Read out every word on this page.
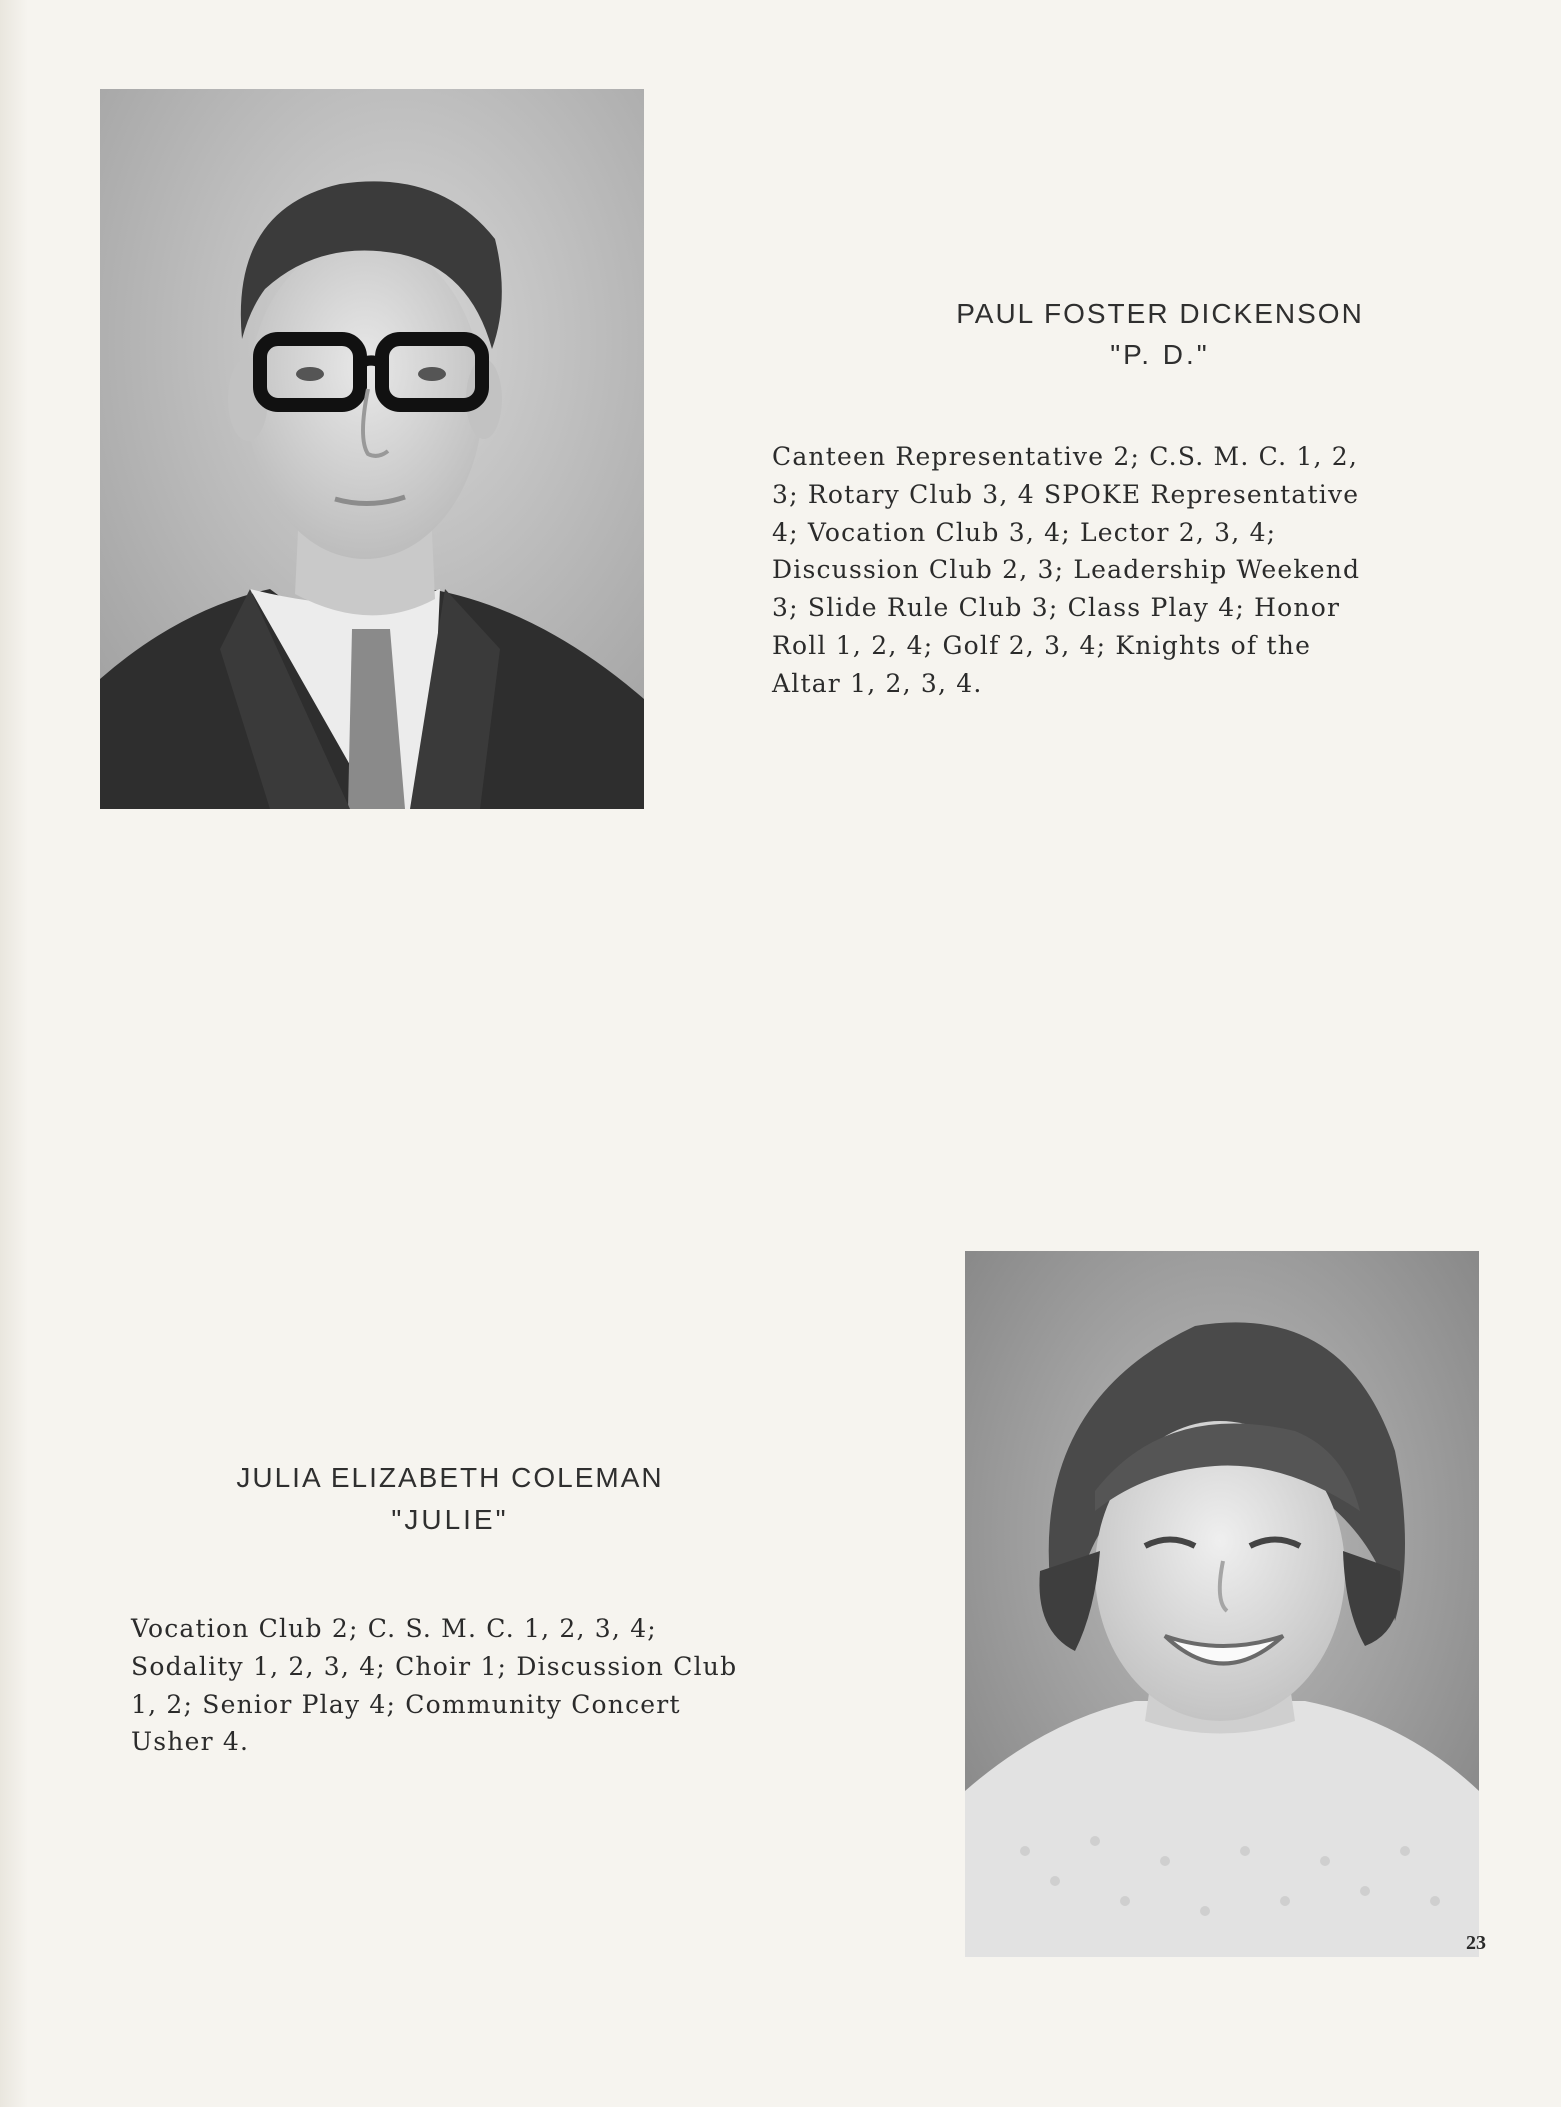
PAUL FOSTER DICKENSON
"P. D."
Canteen Representative 2; C.S. M. C. 1, 2,
3; Rotary Club 3, 4 SPOKE Representative
4; Vocation Club 3, 4; Lector 2, 3, 4;
Discussion Club 2, 3; Leadership Weekend
3; Slide Rule Club 3; Class Play 4; Honor
Roll 1, 2, 4; Golf 2, 3, 4; Knights of the
Altar 1, 2, 3, 4.
JULIA ELIZABETH COLEMAN
"JULIE"
Vocation Club 2; C. S. M. C. 1, 2, 3, 4;
Sodality 1, 2, 3, 4; Choir 1; Discussion Club
1, 2; Senior Play 4; Community Concert
Usher 4.
23
